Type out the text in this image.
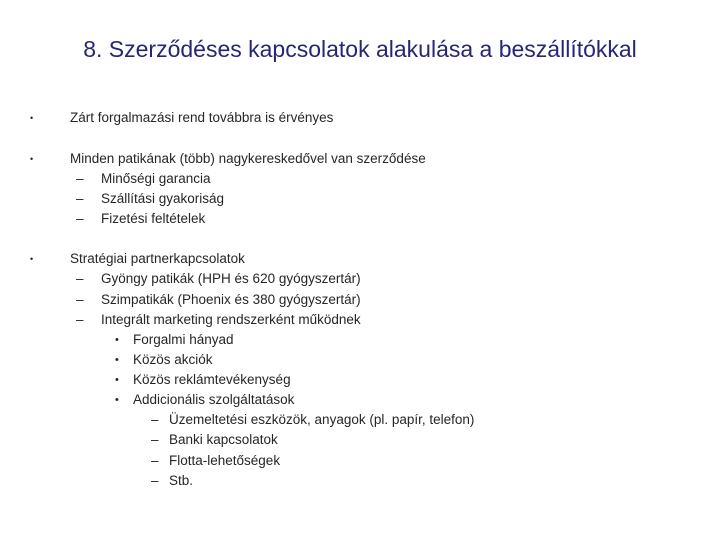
8. Szerződéses kapcsolatok alakulása a beszállítókkal
•	Zárt forgalmazási rend továbbra is érvényes
•	Minden patikának (több) nagykereskedővel van szerződése
– Minőségi garancia
– Szállítási gyakoriság
– Fizetési feltételek
•	Stratégiai partnerkapcsolatok
– Gyöngy patikák (HPH és 620 gyógyszertár)
– Szimpatikák (Phoenix és 380 gyógyszertár)
– Integrált marketing rendszerként működnek
• Forgalmi hányad
• Közös akciók
• Közös reklámtevékenység
• Addicionális szolgáltatások
– Üzemeltetési eszközök, anyagok (pl. papír, telefon)
– Banki kapcsolatok
– Flotta-lehetőségek
– Stb.
